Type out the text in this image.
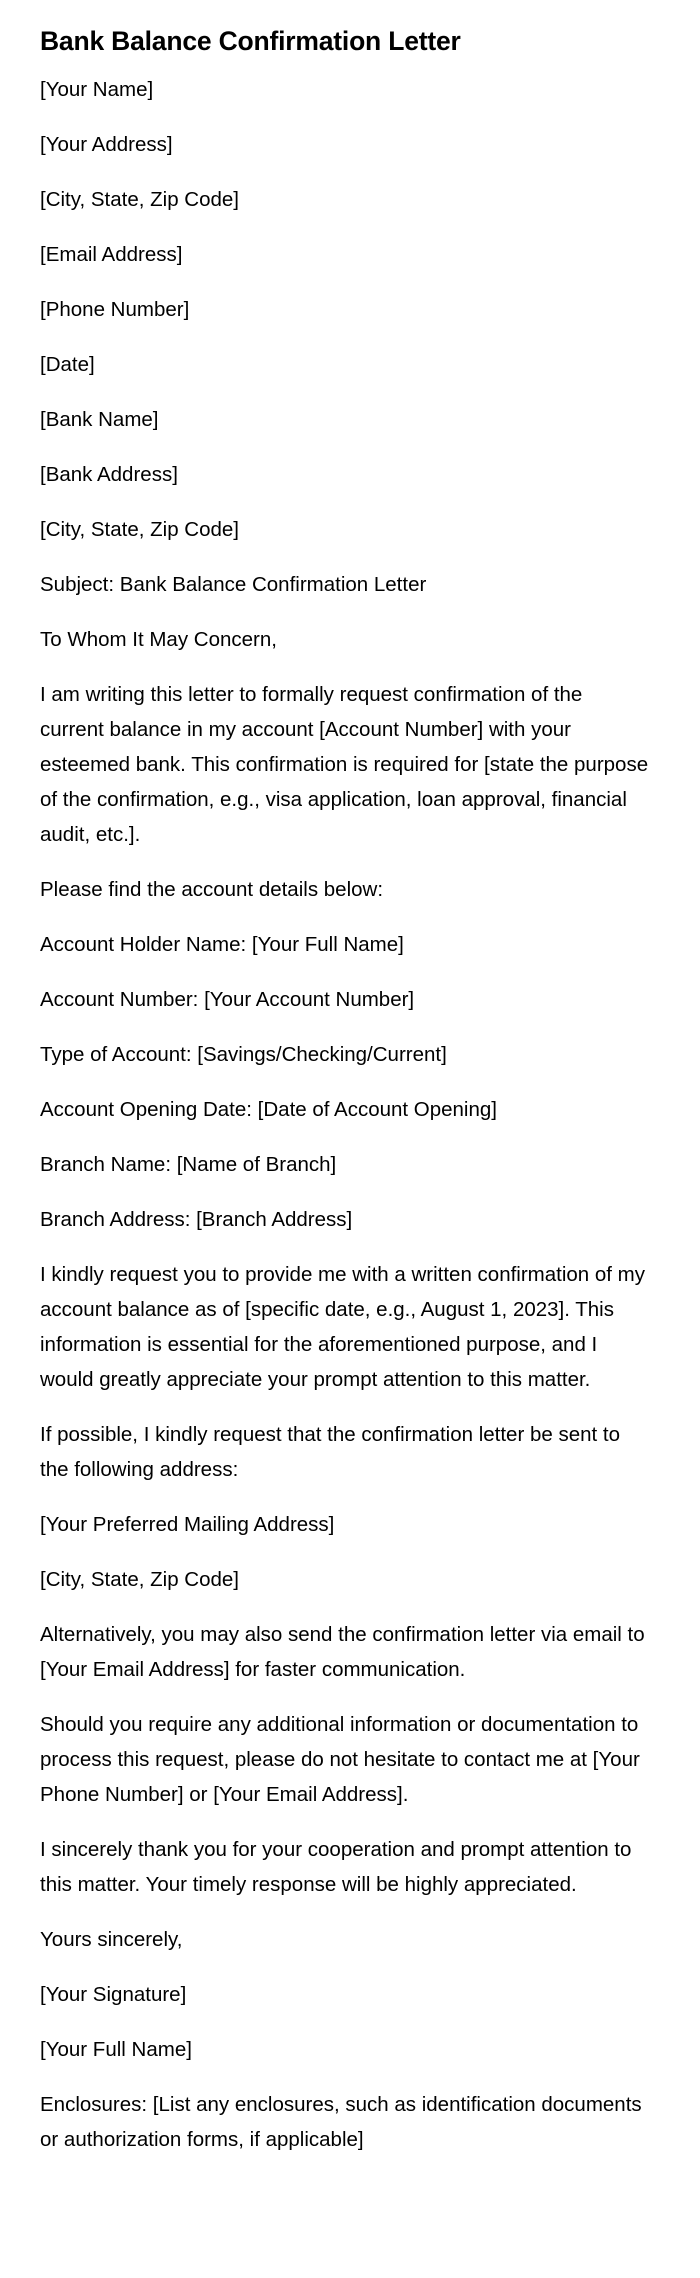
Bank Balance Confirmation Letter

[Your Name]

[Your Address]

[City, State, Zip Code]

[Email Address]

[Phone Number]

[Date]

[Bank Name]

[Bank Address]

[City, State, Zip Code]

Subject: Bank Balance Confirmation Letter

To Whom It May Concern,

I am writing this letter to formally request confirmation of the current balance in my account [Account Number] with your esteemed bank. This confirmation is required for [state the purpose of the confirmation, e.g., visa application, loan approval, financial audit, etc.].

Please find the account details below:

Account Holder Name: [Your Full Name]

Account Number: [Your Account Number]

Type of Account: [Savings/Checking/Current]

Account Opening Date: [Date of Account Opening]

Branch Name: [Name of Branch]

Branch Address: [Branch Address]

I kindly request you to provide me with a written confirmation of my account balance as of [specific date, e.g., August 1, 2023]. This information is essential for the aforementioned purpose, and I would greatly appreciate your prompt attention to this matter.

If possible, I kindly request that the confirmation letter be sent to the following address:

[Your Preferred Mailing Address]

[City, State, Zip Code]

Alternatively, you may also send the confirmation letter via email to [Your Email Address] for faster communication.

Should you require any additional information or documentation to process this request, please do not hesitate to contact me at [Your Phone Number] or [Your Email Address].

I sincerely thank you for your cooperation and prompt attention to this matter. Your timely response will be highly appreciated.

Yours sincerely,

[Your Signature]

[Your Full Name]

Enclosures: [List any enclosures, such as identification documents or authorization forms, if applicable]
